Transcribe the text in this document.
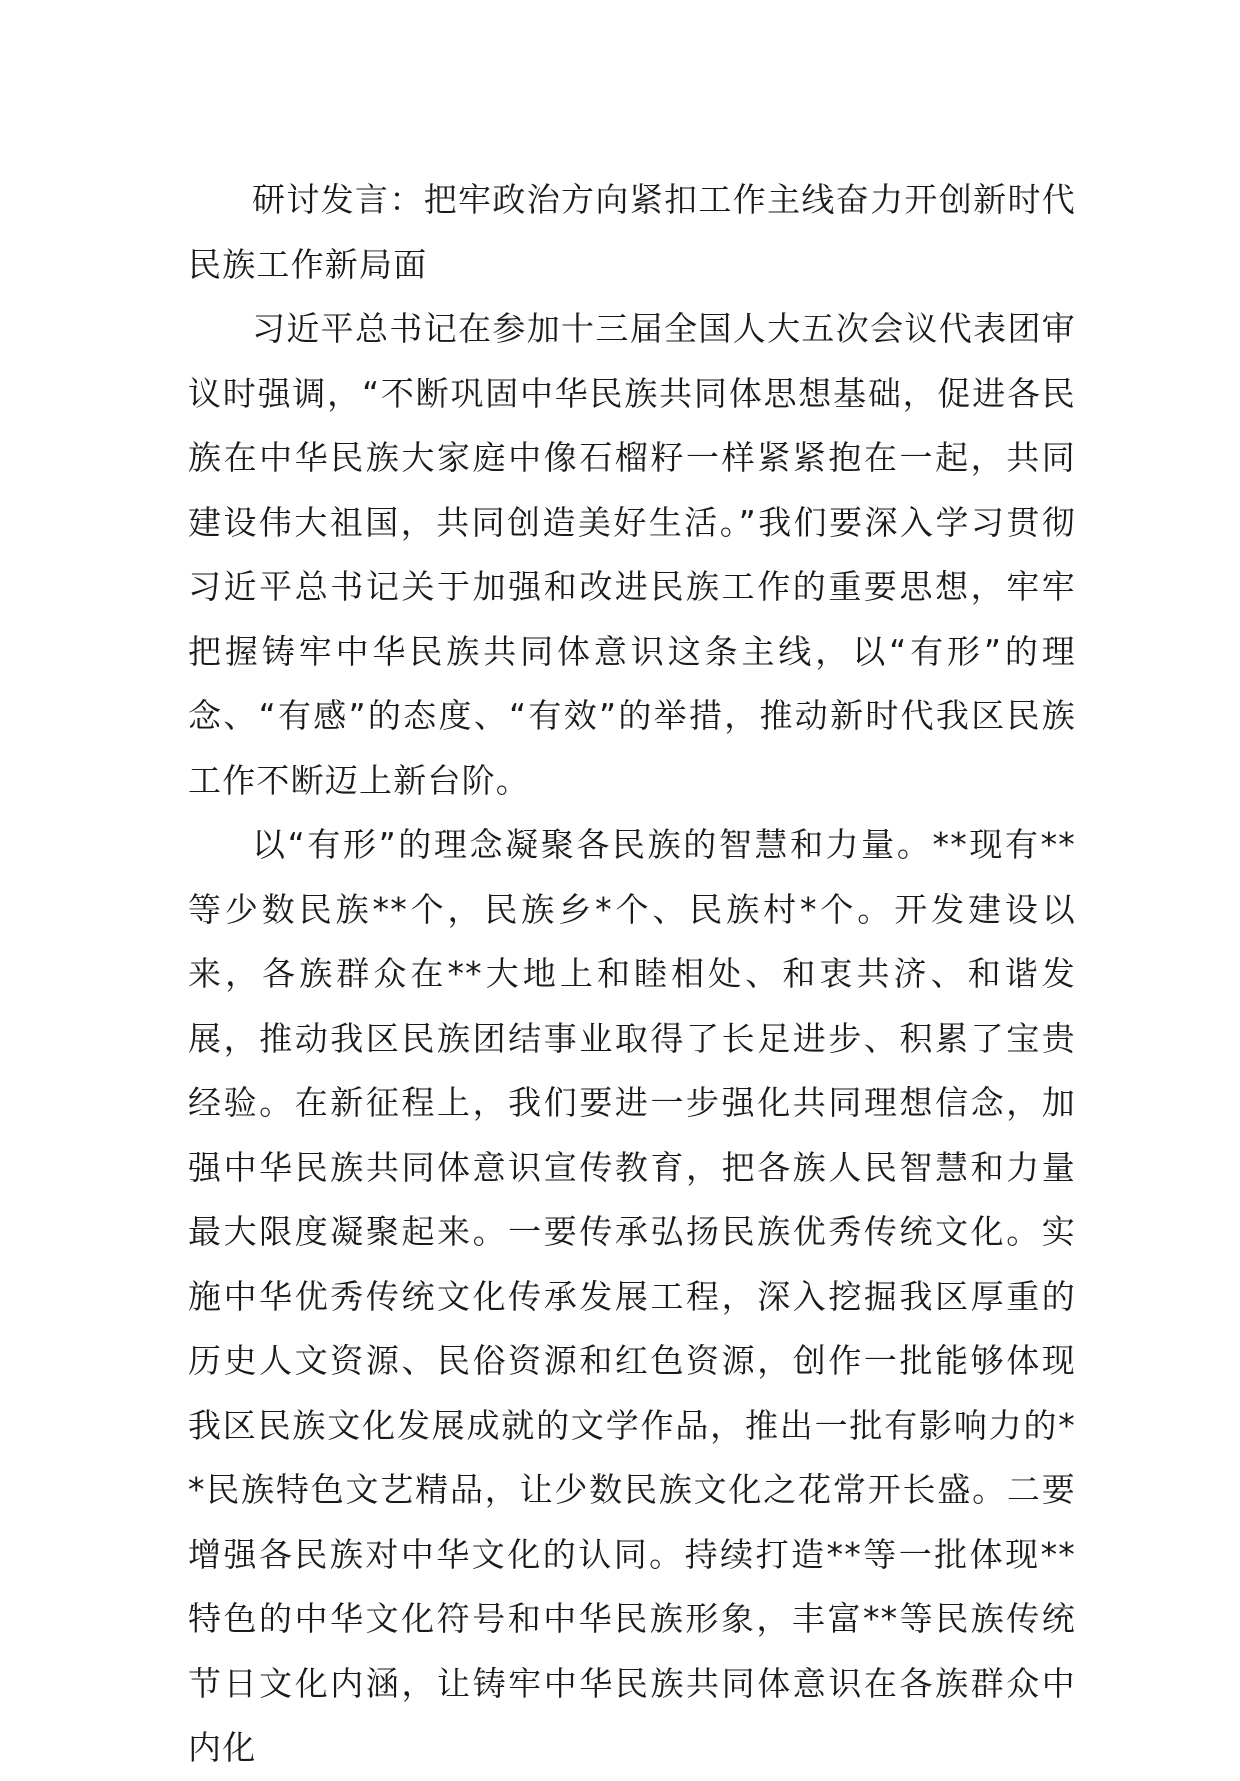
研讨发言：把牢政治方向紧扣工作主线奋力开创新时代民族工作新局面

习近平总书记在参加十三届全国人大五次会议代表团审议时强调，“不断巩固中华民族共同体思想基础，促进各民族在中华民族大家庭中像石榴籽一样紧紧抱在一起，共同建设伟大祖国，共同创造美好生活。”我们要深入学习贯彻习近平总书记关于加强和改进民族工作的重要思想，牢牢把握铸牢中华民族共同体意识这条主线，以“有形”的理念、“有感”的态度、“有效”的举措，推动新时代我区民族工作不断迈上新台阶。

以“有形”的理念凝聚各民族的智慧和力量。**现有**等少数民族**个，民族乡*个、民族村*个。开发建设以来，各族群众在**大地上和睦相处、和衷共济、和谐发展，推动我区民族团结事业取得了长足进步、积累了宝贵经验。在新征程上，我们要进一步强化共同理想信念，加强中华民族共同体意识宣传教育，把各族人民智慧和力量最大限度凝聚起来。一要传承弘扬民族优秀传统文化。实施中华优秀传统文化传承发展工程，深入挖掘我区厚重的历史人文资源、民俗资源和红色资源，创作一批能够体现我区民族文化发展成就的文学作品，推出一批有影响力的**民族特色文艺精品，让少数民族文化之花常开长盛。二要增强各民族对中华文化的认同。持续打造**等一批体现**特色的中华文化符号和中华民族形象，丰富**等民族传统节日文化内涵，让铸牢中华民族共同体意识在各族群众中内化
